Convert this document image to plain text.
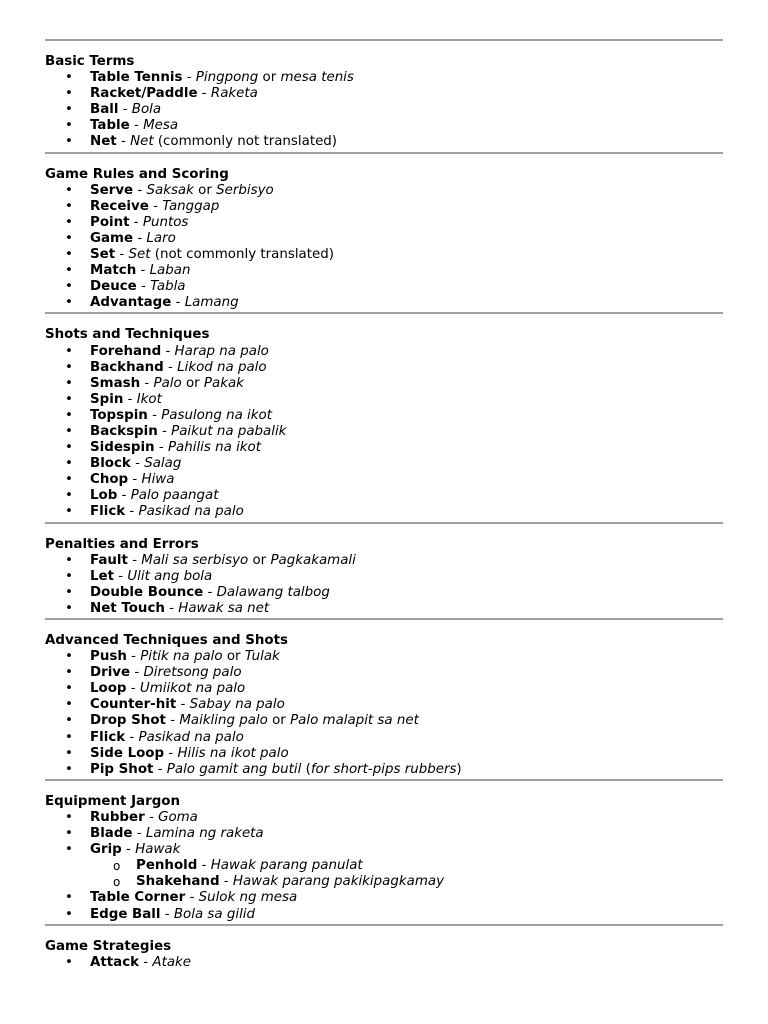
Basic Terms
• Table Tennis - Pingpong or mesa tenis
• Racket/Paddle - Raketa
• Ball - Bola
• Table - Mesa
• Net - Net (commonly not translated)
Game Rules and Scoring
• Serve - Saksak or Serbisyo
• Receive - Tanggap
• Point - Puntos
• Game - Laro
• Set - Set (not commonly translated)
• Match - Laban
• Deuce - Tabla
• Advantage - Lamang
Shots and Techniques
• Forehand - Harap na palo
• Backhand - Likod na palo
• Smash - Palo or Pakak
• Spin - Ikot
• Topspin - Pasulong na ikot
• Backspin - Paikut na pabalik
• Sidespin - Pahilis na ikot
• Block - Salag
• Chop - Hiwa
• Lob - Palo paangat
• Flick - Pasikad na palo
Penalties and Errors
• Fault - Mali sa serbisyo or Pagkakamali
• Let - Ulit ang bola
• Double Bounce - Dalawang talbog
• Net Touch - Hawak sa net
Advanced Techniques and Shots
• Push - Pitik na palo or Tulak
• Drive - Diretsong palo
• Loop - Umiikot na palo
• Counter-hit - Sabay na palo
• Drop Shot - Maikling palo or Palo malapit sa net
• Flick - Pasikad na palo
• Side Loop - Hilis na ikot palo
• Pip Shot - Palo gamit ang butil (for short-pips rubbers)
Equipment Jargon
• Rubber - Goma
• Blade - Lamina ng raketa
• Grip - Hawak
o Penhold - Hawak parang panulat
o Shakehand - Hawak parang pakikipagkamay
• Table Corner - Sulok ng mesa
• Edge Ball - Bola sa gilid
Game Strategies
• Attack - Atake
